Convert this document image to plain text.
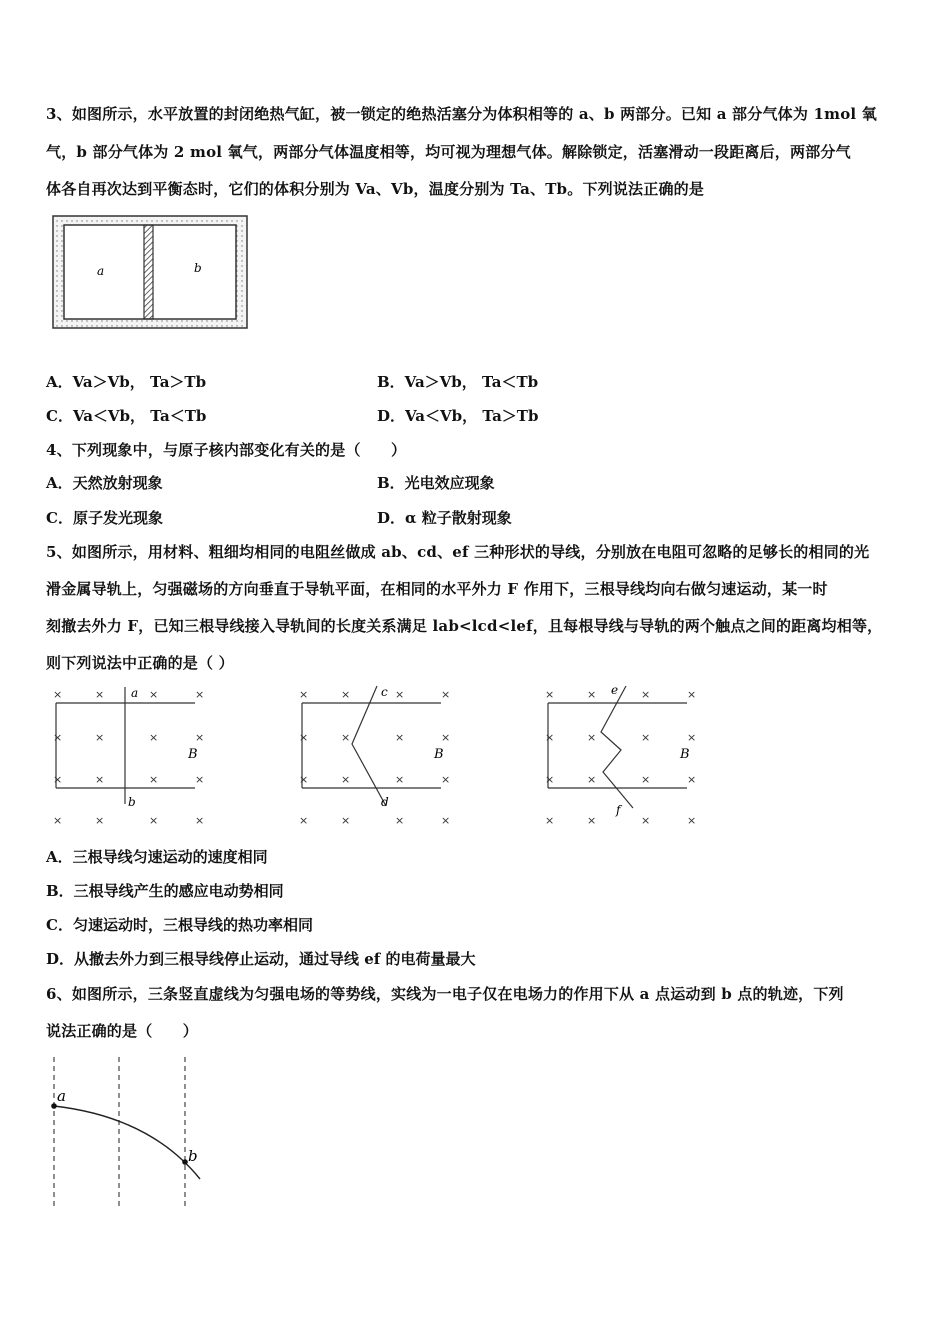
3、如图所示，水平放置的封闭绝热气缸，被一锁定的绝热活塞分为体积相等的 a、b 两部分。已知 a 部分气体为 1mol 氧
气，b 部分气体为 2 mol 氧气，两部分气体温度相等，均可视为理想气体。解除锁定，活塞滑动一段距离后，两部分气
体各自再次达到平衡态时，它们的体积分别为 Va、Vb，温度分别为 Ta、Tb。下列说法正确的是
a	b
A．Va＞Vb， Ta＞Tb	B．Va＞Vb， Ta＜Tb
C．Va＜Vb， Ta＜Tb	D．Va＜Vb， Ta＞Tb
4、下列现象中，与原子核内部变化有关的是（　　）
A．天然放射现象	B．光电效应现象
C．原子发光现象	D．α 粒子散射现象
5、如图所示，用材料、粗细均相同的电阻丝做成 ab、cd、ef 三种形状的导线，分别放在电阻可忽略的足够长的相同的光
滑金属导轨上，匀强磁场的方向垂直于导轨平面，在相同的水平外力 F 作用下，三根导线均向右做匀速运动，某一时
刻撤去外力 F，已知三根导线接入导轨间的长度关系满足 lab<lcd<lef，且每根导线与导轨的两个触点之间的距离均相等，
则下列说法中正确的是（ ）
a
b
B
×	×	×	×
×	×	×	×
×	×	×	×
×	×	×	×
c
d
B
×	×	×	×
×	×	×	×
×	×	×	×
×	×	×	×
e
f
B
×	×	×	×
×	×	×	×
×	×	×	×
×	×	×	×
A．三根导线匀速运动的速度相同
B．三根导线产生的感应电动势相同
C．匀速运动时，三根导线的热功率相同
D．从撤去外力到三根导线停止运动，通过导线 ef 的电荷量最大
6、如图所示，三条竖直虚线为匀强电场的等势线，实线为一电子仅在电场力的作用下从 a 点运动到 b 点的轨迹，下列
说法正确的是（　　）
a
b
